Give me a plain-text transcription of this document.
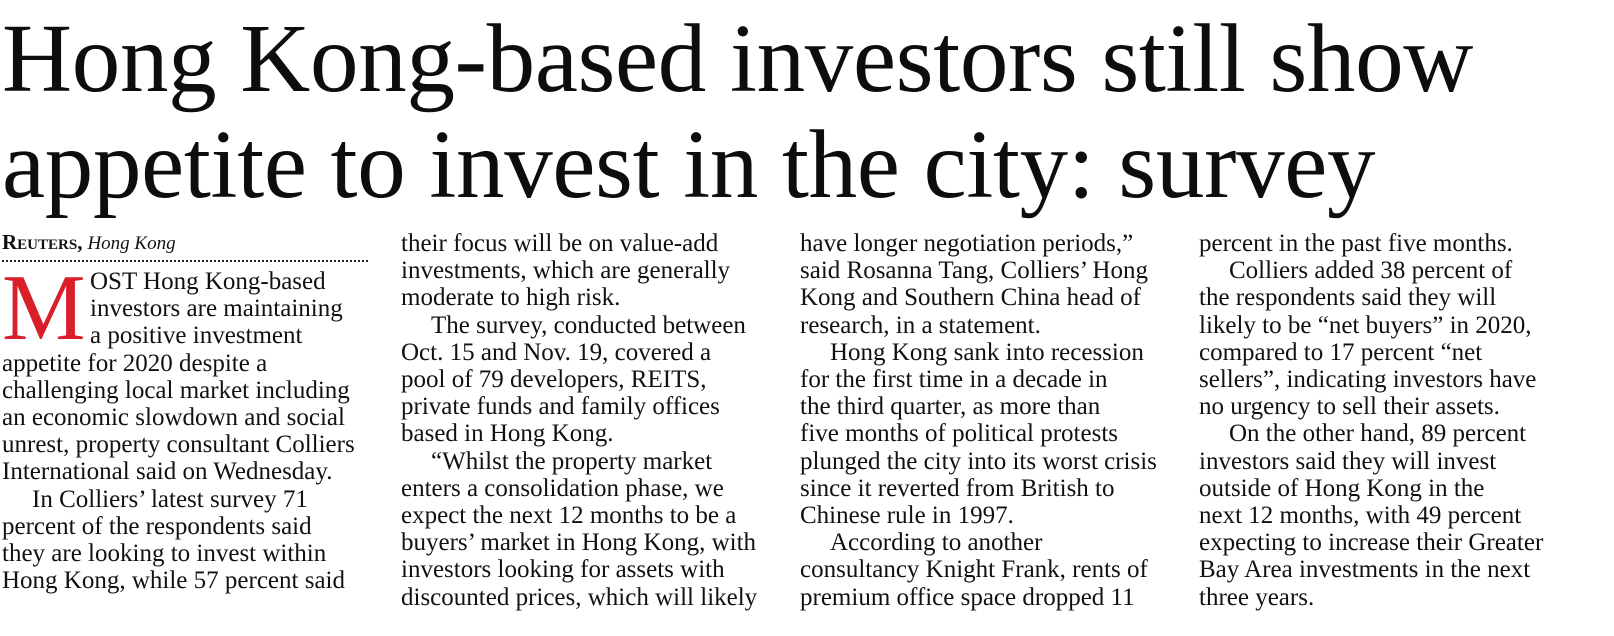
Hong Kong-based investors still show
appetite to invest in the city: survey
Reuters, Hong Kong
M OST Hong Kong-based
investors are maintaining
a positive investment
appetite for 2020 despite a
challenging local market including
an economic slowdown and social
unrest, property consultant Colliers
International said on Wednesday.
In Colliers’ latest survey 71
percent of the respondents said
they are looking to invest within
Hong Kong, while 57 percent said
their focus will be on value-add
investments, which are generally
moderate to high risk.
The survey, conducted between
Oct. 15 and Nov. 19, covered a
pool of 79 developers, REITS,
private funds and family offices
based in Hong Kong.
“Whilst the property market
enters a consolidation phase, we
expect the next 12 months to be a
buyers’ market in Hong Kong, with
investors looking for assets with
discounted prices, which will likely
have longer negotiation periods,”
said Rosanna Tang, Colliers’ Hong
Kong and Southern China head of
research, in a statement.
Hong Kong sank into recession
for the first time in a decade in
the third quarter, as more than
five months of political protests
plunged the city into its worst crisis
since it reverted from British to
Chinese rule in 1997.
According to another
consultancy Knight Frank, rents of
premium office space dropped 11
percent in the past five months.
Colliers added 38 percent of
the respondents said they will
likely to be “net buyers” in 2020,
compared to 17 percent “net
sellers”, indicating investors have
no urgency to sell their assets.
On the other hand, 89 percent
investors said they will invest
outside of Hong Kong in the
next 12 months, with 49 percent
expecting to increase their Greater
Bay Area investments in the next
three years.
